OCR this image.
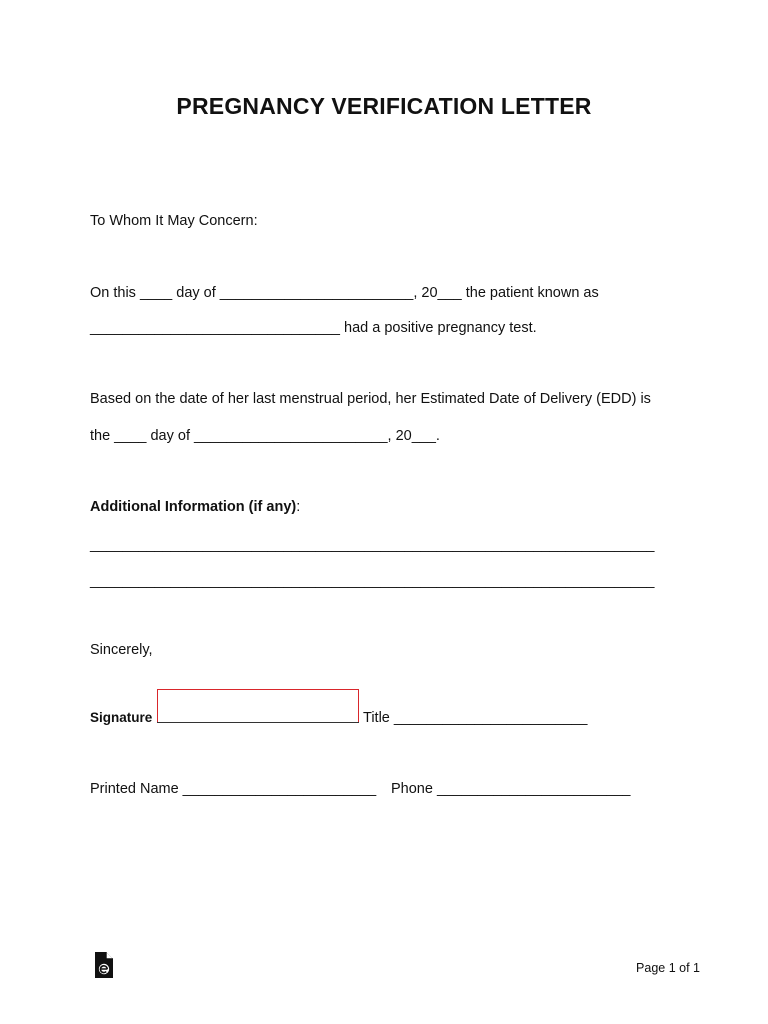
PREGNANCY VERIFICATION LETTER
To Whom It May Concern:
On this ____ day of ________________________, 20___ the patient known as
_______________________________ had a positive pregnancy test.
Based on the date of her last menstrual period, her Estimated Date of Delivery (EDD) is
the ____ day of ________________________, 20___.
Additional Information (if any):
______________________________________________________________________
______________________________________________________________________
Sincerely,
Signature	Title ________________________
Printed Name ________________________ Phone ________________________
Page 1 of 1
